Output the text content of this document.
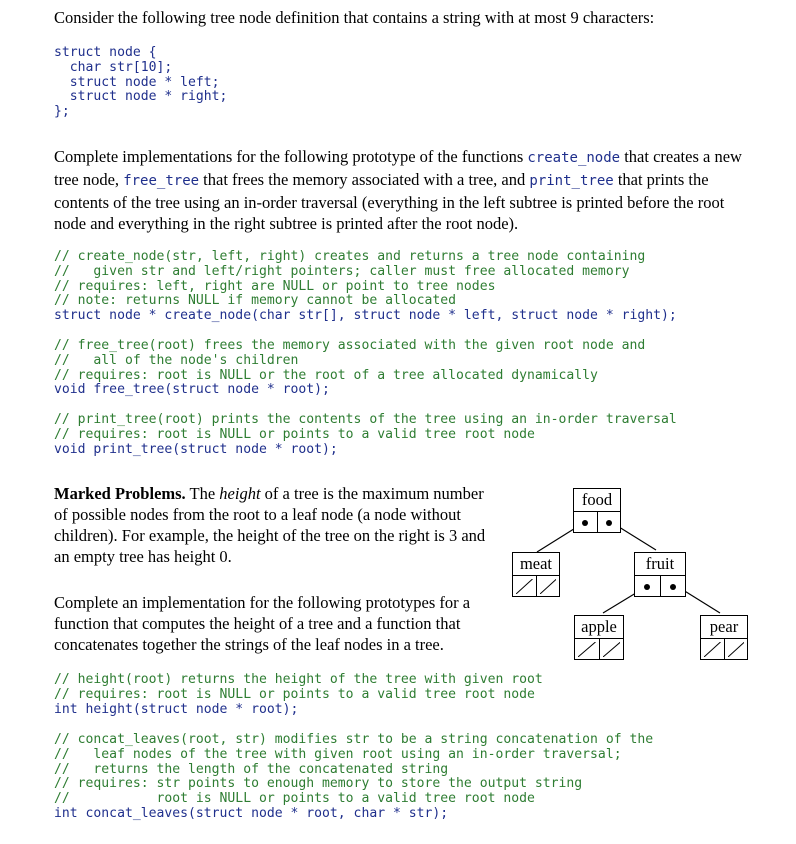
Consider the following tree node definition that contains a string with at most 9 characters:
struct node {
char str[10];
struct node * left;
struct node * right;
};
Complete implementations for the following prototype of the functions create_node that creates a new tree node, free_tree that frees the memory associated with a tree, and print_tree that prints the contents of the tree using an in-order traversal (everything in the left subtree is printed before the root node and everything in the right subtree is printed after the root node).
// create_node(str, left, right) creates and returns a tree node containing
//   given str and left/right pointers; caller must free allocated memory
// requires: left, right are NULL or point to tree nodes
// note: returns NULL if memory cannot be allocated
struct node * create_node(char str[], struct node * left, struct node * right);
// free_tree(root) frees the memory associated with the given root node and
//   all of the node's children
// requires: root is NULL or the root of a tree allocated dynamically
void free_tree(struct node * root);
// print_tree(root) prints the contents of the tree using an in-order traversal
// requires: root is NULL or points to a valid tree root node
void print_tree(struct node * root);
Marked Problems. The height of a tree is the maximum number of possible nodes from the root to a leaf node (a node without children). For example, the height of the tree on the right is 3 and an empty tree has height 0.
Complete an implementation for the following prototypes for a function that computes the height of a tree and a function that concatenates together the strings of the leaf nodes in a tree.
food
meat	fruit
apple	pear
// height(root) returns the height of the tree with given root
// requires: root is NULL or points to a valid tree root node
int height(struct node * root);
// concat_leaves(root, str) modifies str to be a string concatenation of the
//   leaf nodes of the tree with given root using an in-order traversal;
//   returns the length of the concatenated string
// requires: str points to enough memory to store the output string
//           root is NULL or points to a valid tree root node
int concat_leaves(struct node * root, char * str);
